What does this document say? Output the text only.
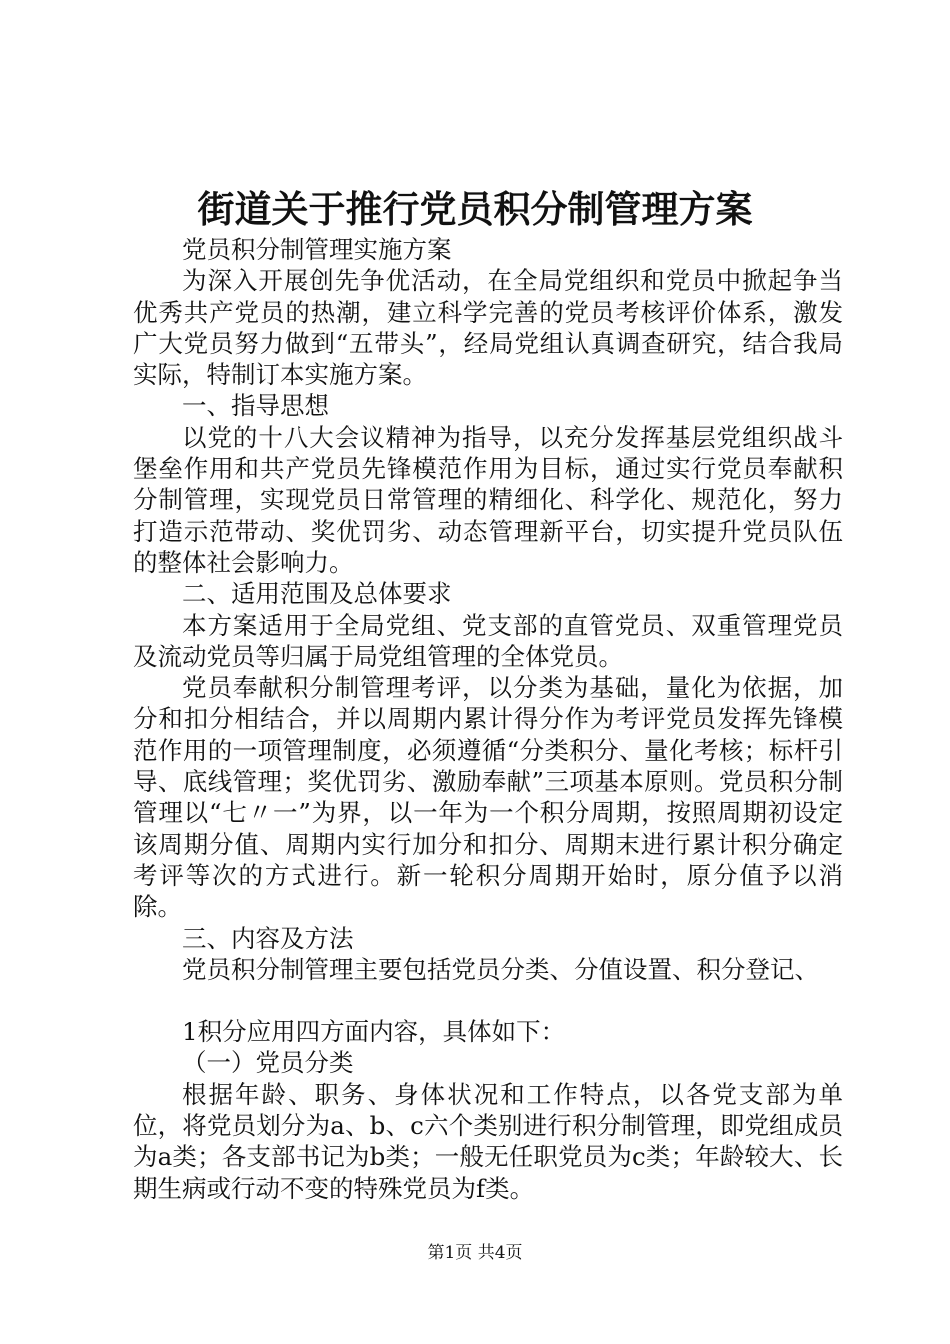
街道关于推行党员积分制管理方案

党员积分制管理实施方案

为深入开展创先争优活动，在全局党组织和党员中掀起争当优秀共产党员的热潮，建立科学完善的党员考核评价体系，激发广大党员努力做到“五带头”，经局党组认真调查研究，结合我局实际，特制订本实施方案。

一、指导思想

以党的十八大会议精神为指导，以充分发挥基层党组织战斗堡垒作用和共产党员先锋模范作用为目标，通过实行党员奉献积分制管理，实现党员日常管理的精细化、科学化、规范化，努力打造示范带动、奖优罚劣、动态管理新平台，切实提升党员队伍的整体社会影响力。

二、适用范围及总体要求

本方案适用于全局党组、党支部的直管党员、双重管理党员及流动党员等归属于局党组管理的全体党员。

党员奉献积分制管理考评，以分类为基础，量化为依据，加分和扣分相结合，并以周期内累计得分作为考评党员发挥先锋模范作用的一项管理制度，必须遵循“分类积分、量化考核；标杆引导、底线管理；奖优罚劣、激励奉献”三项基本原则。党员积分制管理以“七〃一”为界，以一年为一个积分周期，按照周期初设定该周期分值、周期内实行加分和扣分、周期末进行累计积分确定考评等次的方式进行。新一轮积分周期开始时，原分值予以消除。

三、内容及方法

党员积分制管理主要包括党员分类、分值设置、积分登记、

1积分应用四方面内容，具体如下：

（一）党员分类

根据年龄、职务、身体状况和工作特点，以各党支部为单位，将党员划分为a、b、c六个类别进行积分制管理，即党组成员为a类；各支部书记为b类；一般无任职党员为c类；年龄较大、长期生病或行动不变的特殊党员为f类。

第1页 共4页
